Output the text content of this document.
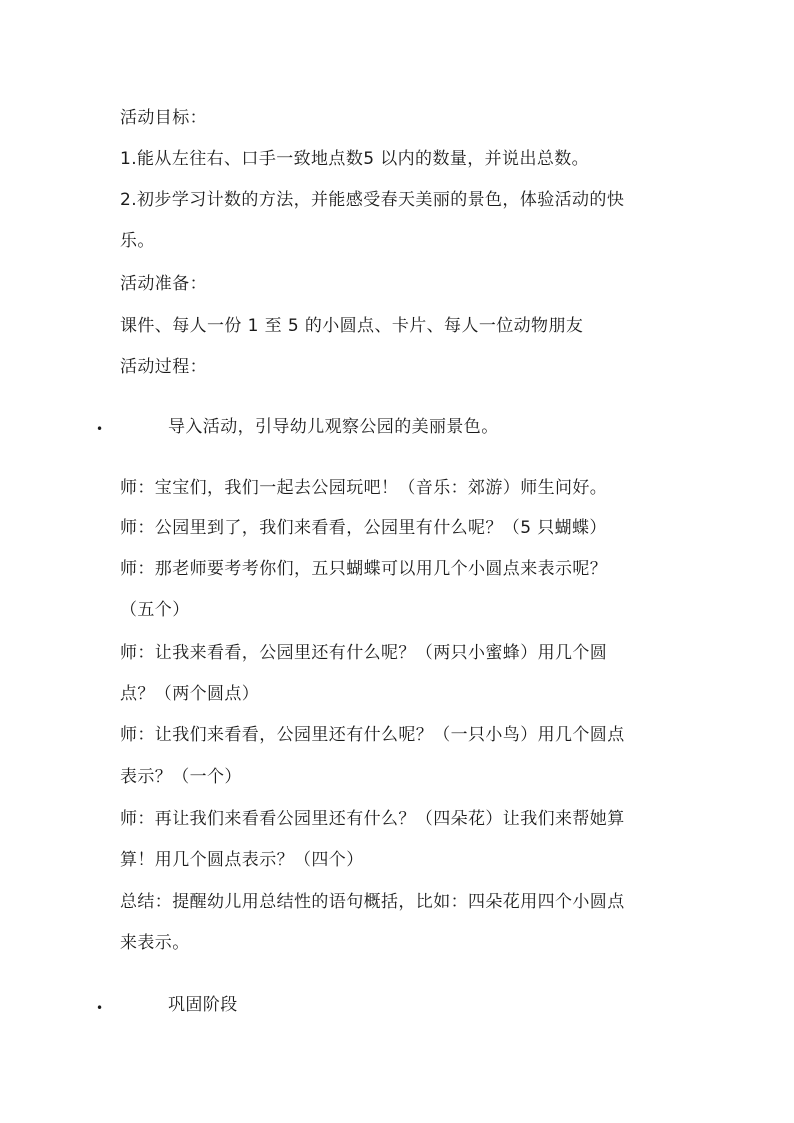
活动目标：
1.能从左往右、口手一致地点数5 以内的数量，并说出总数。
2.初步学习计数的方法，并能感受春天美丽的景色，体验活动的快
乐。
活动准备：
课件、每人一份 1 至 5 的小圆点、卡片、每人一位动物朋友
活动过程：
•	导入活动，引导幼儿观察公园的美丽景色。
师：宝宝们，我们一起去公园玩吧！（音乐：郊游）师生问好。
师：公园里到了，我们来看看，公园里有什么呢？（5 只蝴蝶）
师：那老师要考考你们，五只蝴蝶可以用几个小圆点来表示呢？
（五个）
师：让我来看看，公园里还有什么呢？（两只小蜜蜂）用几个圆
点？（两个圆点）
师：让我们来看看，公园里还有什么呢？（一只小鸟）用几个圆点
表示？（一个）
师：再让我们来看看公园里还有什么？（四朵花）让我们来帮她算
算！用几个圆点表示？（四个）
总结：提醒幼儿用总结性的语句概括，比如：四朵花用四个小圆点
来表示。
•	巩固阶段
